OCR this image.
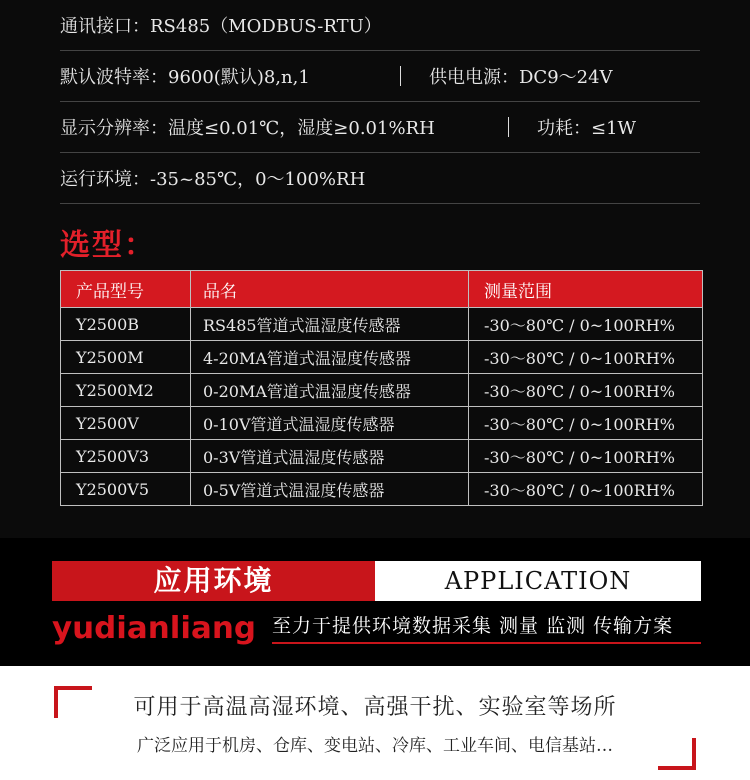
通讯接口：RS485（MODBUS-RTU）
默认波特率：9600(默认)8,n,1	供电电源：DC9～24V
显示分辨率：温度≤0.01℃，湿度≥0.01%RH	功耗：≤1W
运行环境：-35~85℃，0～100%RH
选型：
产品型号	品名	测量范围
Y2500B	RS485管道式温湿度传感器	-30～80℃ / 0~100RH%
Y2500M	4-20MA管道式温湿度传感器	-30～80℃ / 0~100RH%
Y2500M2	0-20MA管道式温湿度传感器	-30～80℃ / 0~100RH%
Y2500V	0-10V管道式温湿度传感器	-30～80℃ / 0~100RH%
Y2500V3	0-3V管道式温湿度传感器	-30～80℃ / 0~100RH%
Y2500V5	0-5V管道式温湿度传感器	-30～80℃ / 0~100RH%
应用环境	APPLICATION
yudianliang 至力于提供环境数据采集 测量 监测 传输方案
可用于高温高湿环境、高强干扰、实验室等场所
广泛应用于机房、仓库、变电站、冷库、工业车间、电信基站…
